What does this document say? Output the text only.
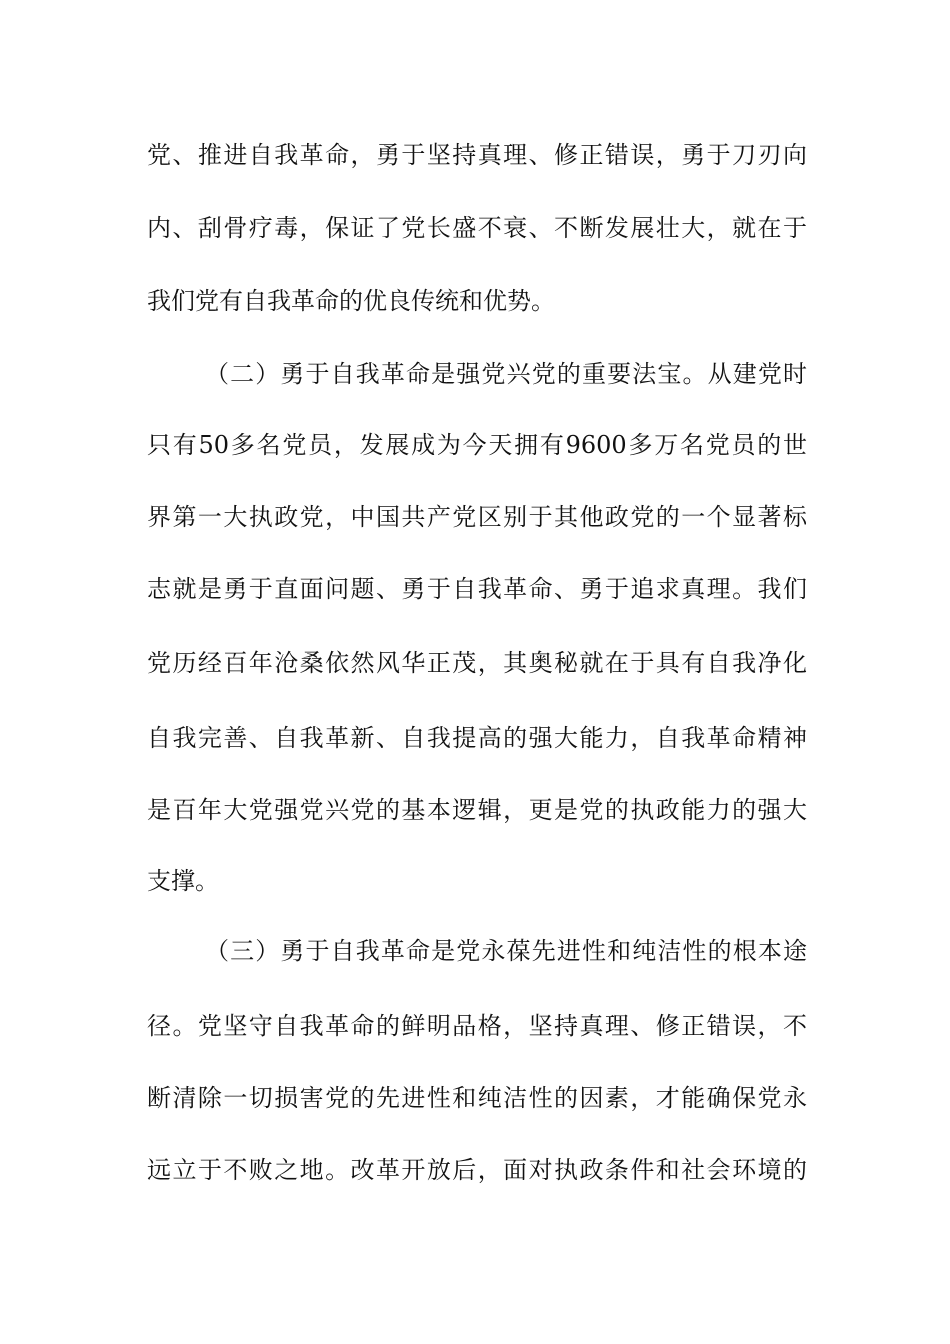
党、推进自我革命，勇于坚持真理、修正错误，勇于刀刃向
内、刮骨疗毒，保证了党长盛不衰、不断发展壮大，就在于
我们党有自我革命的优良传统和优势。
（二）勇于自我革命是强党兴党的重要法宝。从建党时
只有50多名党员，发展成为今天拥有9600多万名党员的世
界第一大执政党，中国共产党区别于其他政党的一个显著标
志就是勇于直面问题、勇于自我革命、勇于追求真理。我们
党历经百年沧桑依然风华正茂，其奥秘就在于具有自我净化
自我完善、自我革新、自我提高的强大能力，自我革命精神
是百年大党强党兴党的基本逻辑，更是党的执政能力的强大
支撑。
（三）勇于自我革命是党永葆先进性和纯洁性的根本途
径。党坚守自我革命的鲜明品格，坚持真理、修正错误，不
断清除一切损害党的先进性和纯洁性的因素，才能确保党永
远立于不败之地。改革开放后，面对执政条件和社会环境的
